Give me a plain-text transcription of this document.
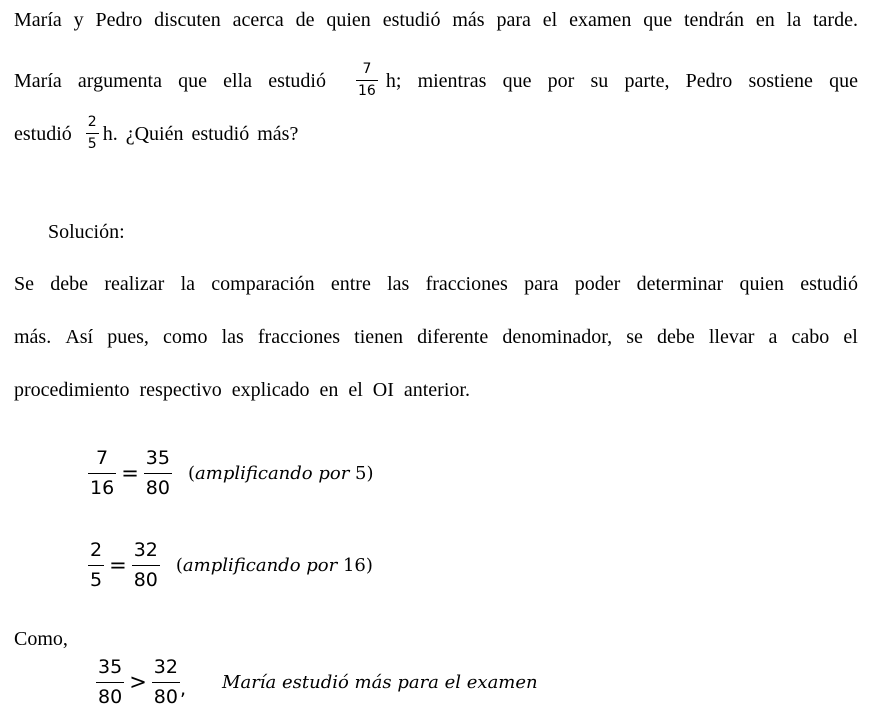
María y Pedro discuten acerca de quien estudió más para el examen que tendrán en la tarde.
María argumenta que ella estudió $\frac{7}{16} h$; mientras que por su parte, Pedro sostiene que
estudió $\frac{2}{5} h$. ¿Quién estudió más?
Solución:
Se debe realizar la comparación entre las fracciones para poder determinar quien estudió
más. Así pues, como las fracciones tienen diferente denominador, se debe llevar a cabo el
procedimiento respectivo explicado en el OI anterior.
$\frac{7}{16} = \frac{35}{80}$ (amplificando por 5)
$\frac{2}{5} = \frac{32}{80}$ (amplificando por 16)
Como,
$\frac{35}{80} > \frac{32}{80}$ , María estudió más para el examen
